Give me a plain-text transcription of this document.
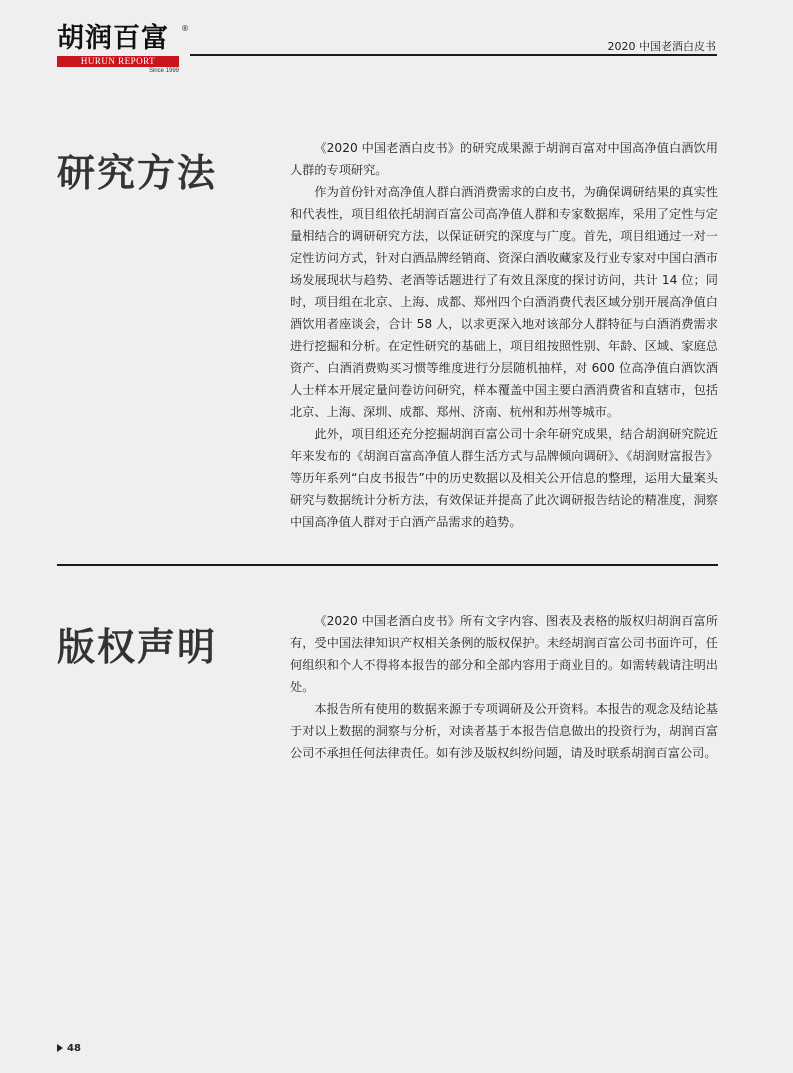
胡润百富	®
HURUN REPORT
Since 1999
2020 中国老酒白皮书
研究方法

《2020 中国老酒白皮书》的研究成果源于胡润百富对中国高净值白酒饮用人群的专项研究。

作为首份针对高净值人群白酒消费需求的白皮书，为确保调研结果的真实性和代表性，项目组依托胡润百富公司高净值人群和专家数据库，采用了定性与定量相结合的调研研究方法，以保证研究的深度与广度。首先，项目组通过一对一定性访问方式，针对白酒品牌经销商、资深白酒收藏家及行业专家对中国白酒市场发展现状与趋势、老酒等话题进行了有效且深度的探讨访问，共计 14 位；同时，项目组在北京、上海、成都、郑州四个白酒消费代表区域分别开展高净值白酒饮用者座谈会，合计 58 人，以求更深入地对该部分人群特征与白酒消费需求进行挖掘和分析。在定性研究的基础上，项目组按照性别、年龄、区域、家庭总资产、白酒消费购买习惯等维度进行分层随机抽样，对 600 位高净值白酒饮酒人士样本开展定量问卷访问研究，样本覆盖中国主要白酒消费省和直辖市，包括北京、上海、深圳、成都、郑州、济南、杭州和苏州等城市。

此外，项目组还充分挖掘胡润百富公司十余年研究成果，结合胡润研究院近年来发布的《胡润百富高净值人群生活方式与品牌倾向调研》、《胡润财富报告》等历年系列“白皮书报告”中的历史数据以及相关公开信息的整理，运用大量案头研究与数据统计分析方法，有效保证并提高了此次调研报告结论的精准度，洞察中国高净值人群对于白酒产品需求的趋势。

版权声明

《2020 中国老酒白皮书》所有文字内容、图表及表格的版权归胡润百富所有，受中国法律知识产权相关条例的版权保护。未经胡润百富公司书面许可，任何组织和个人不得将本报告的部分和全部内容用于商业目的。如需转载请注明出处。

本报告所有使用的数据来源于专项调研及公开资料。本报告的观念及结论基于对以上数据的洞察与分析，对读者基于本报告信息做出的投资行为，胡润百富公司不承担任何法律责任。如有涉及版权纠纷问题，请及时联系胡润百富公司。

48
